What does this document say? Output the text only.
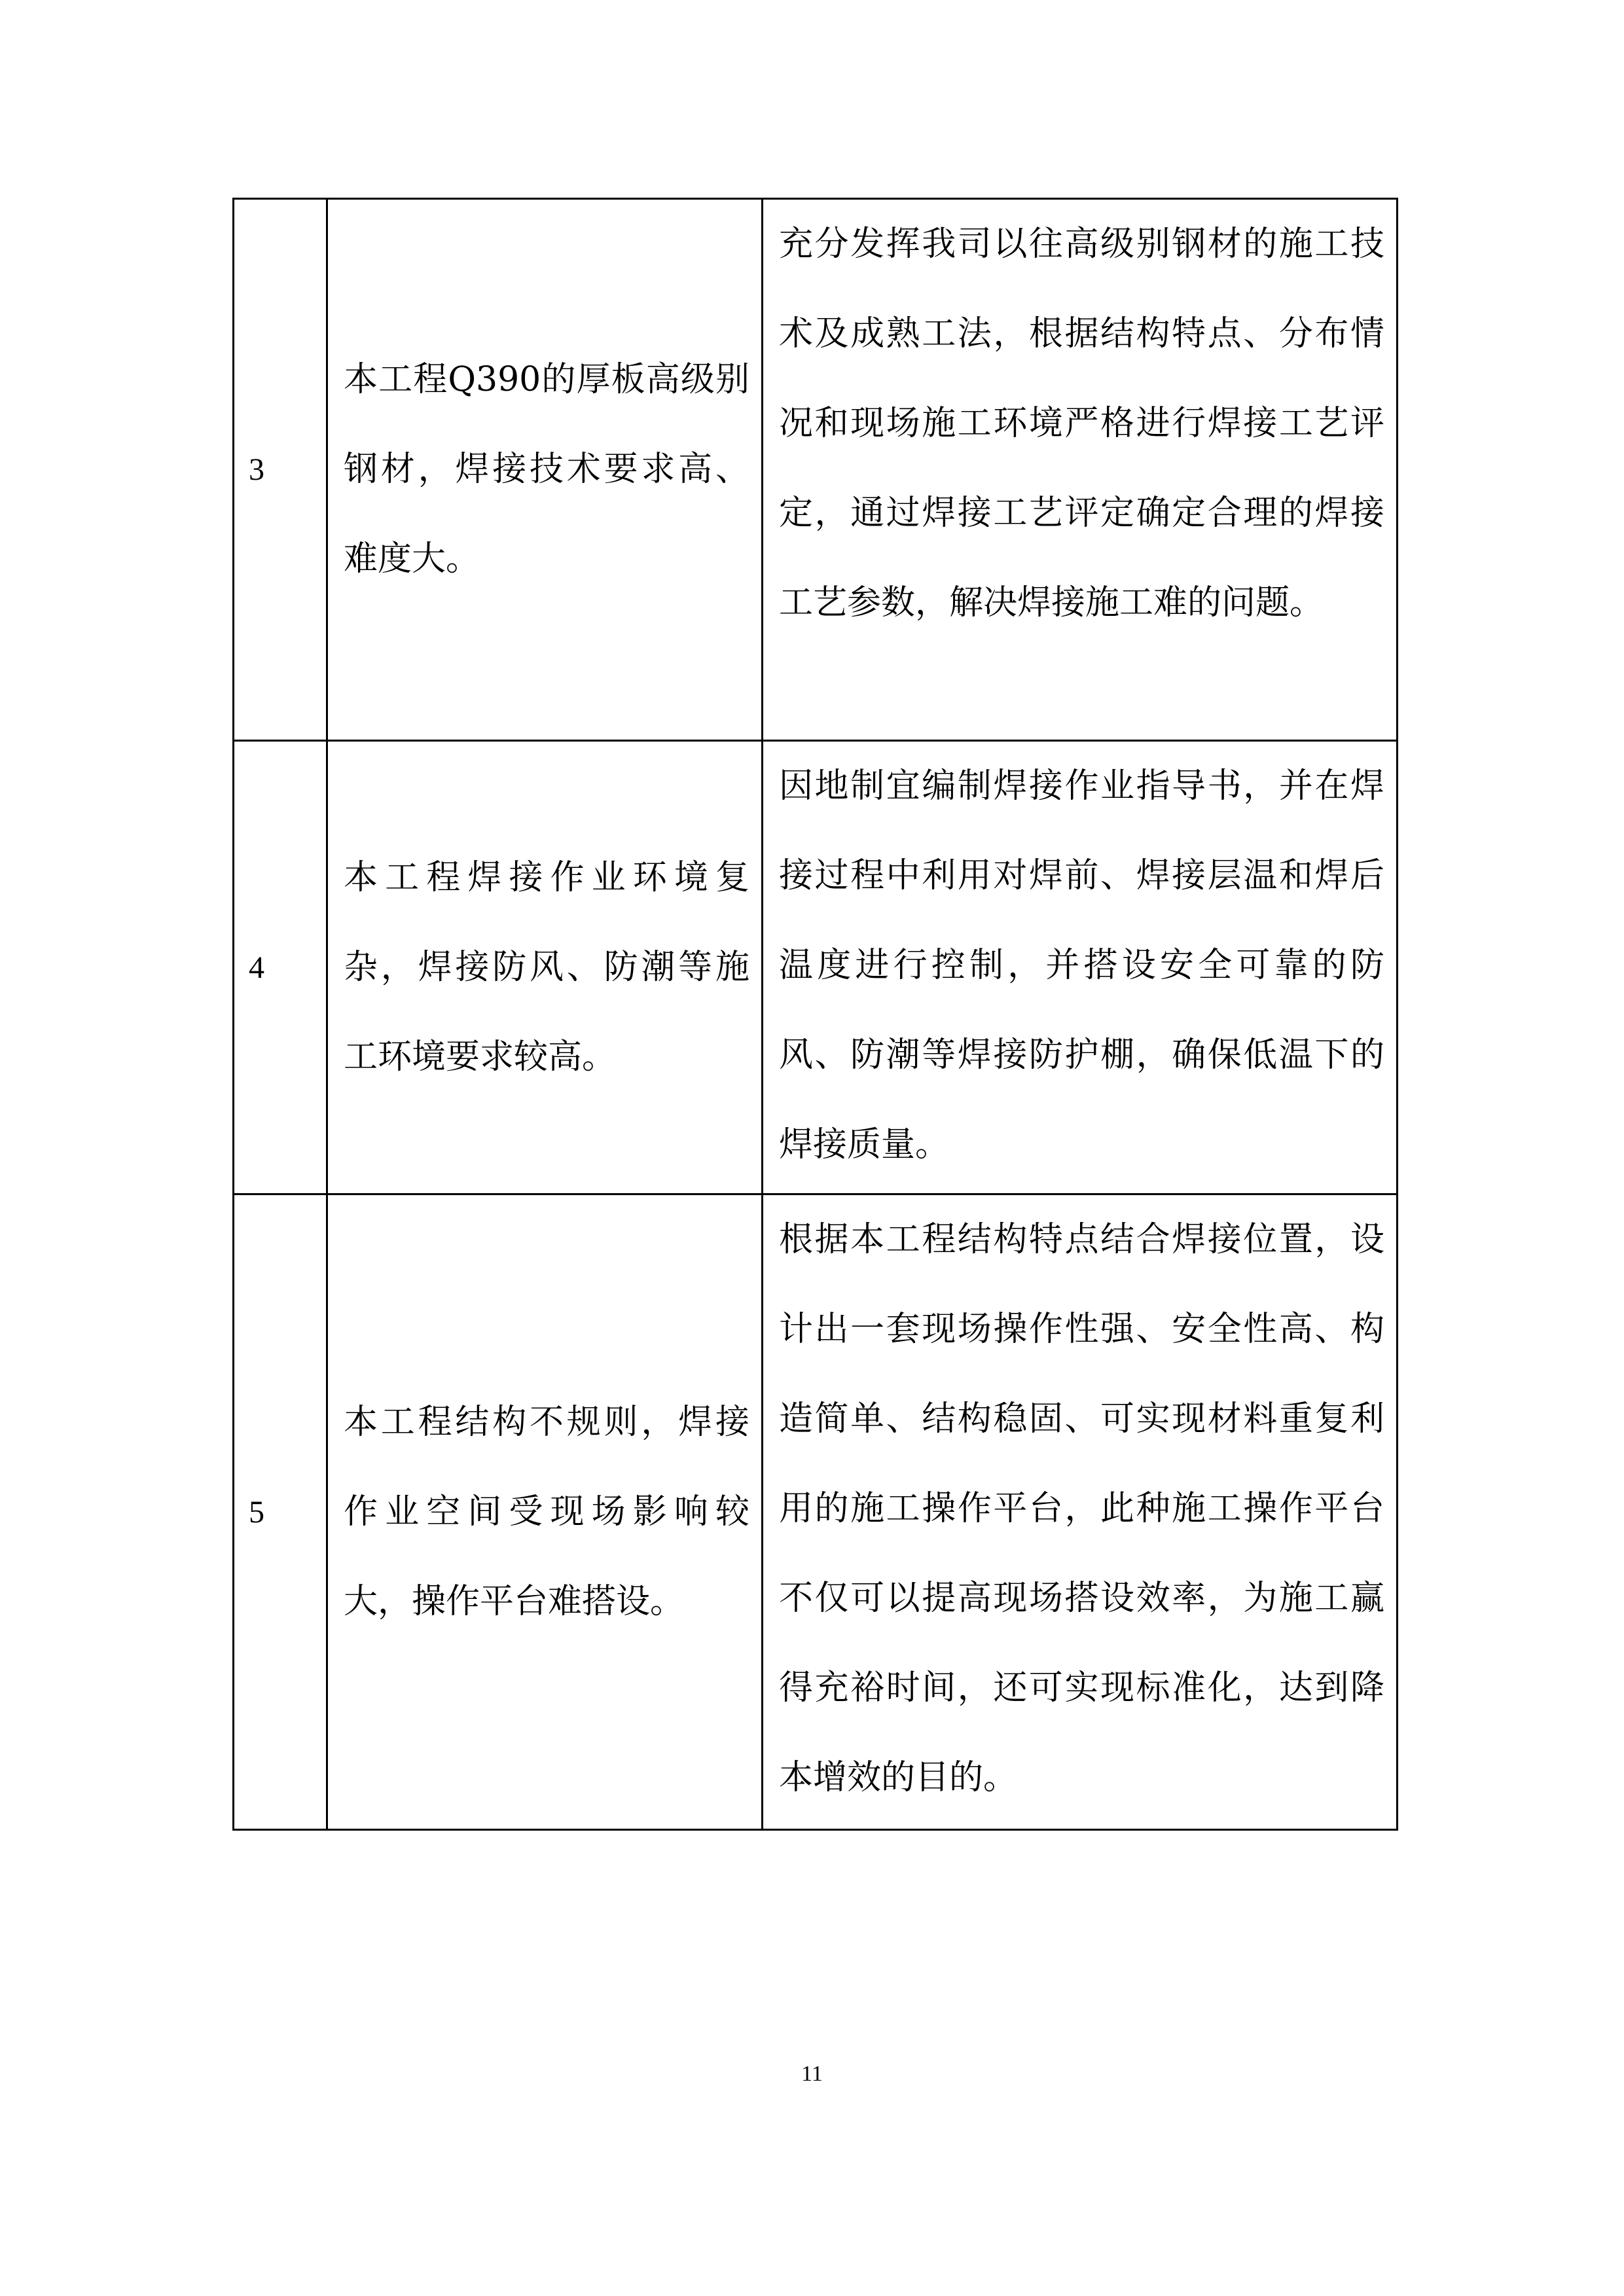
3	本工程Q390的厚板高级别钢材，焊接技术要求高、难度大。	充分发挥我司以往高级别钢材的施工技术及成熟工法，根据结构特点、分布情况和现场施工环境严格进行焊接工艺评定，通过焊接工艺评定确定合理的焊接工艺参数，解决焊接施工难的问题。
4	本工程焊接作业环境复杂，焊接防风、防潮等施工环境要求较高。	因地制宜编制焊接作业指导书，并在焊接过程中利用对焊前、焊接层温和焊后温度进行控制，并搭设安全可靠的防风、防潮等焊接防护棚，确保低温下的焊接质量。
5	本工程结构不规则，焊接作业空间受现场影响较大，操作平台难搭设。	根据本工程结构特点结合焊接位置，设计出一套现场操作性强、安全性高、构造简单、结构稳固、可实现材料重复利用的施工操作平台，此种施工操作平台不仅可以提高现场搭设效率，为施工赢得充裕时间，还可实现标准化，达到降本增效的目的。
11
